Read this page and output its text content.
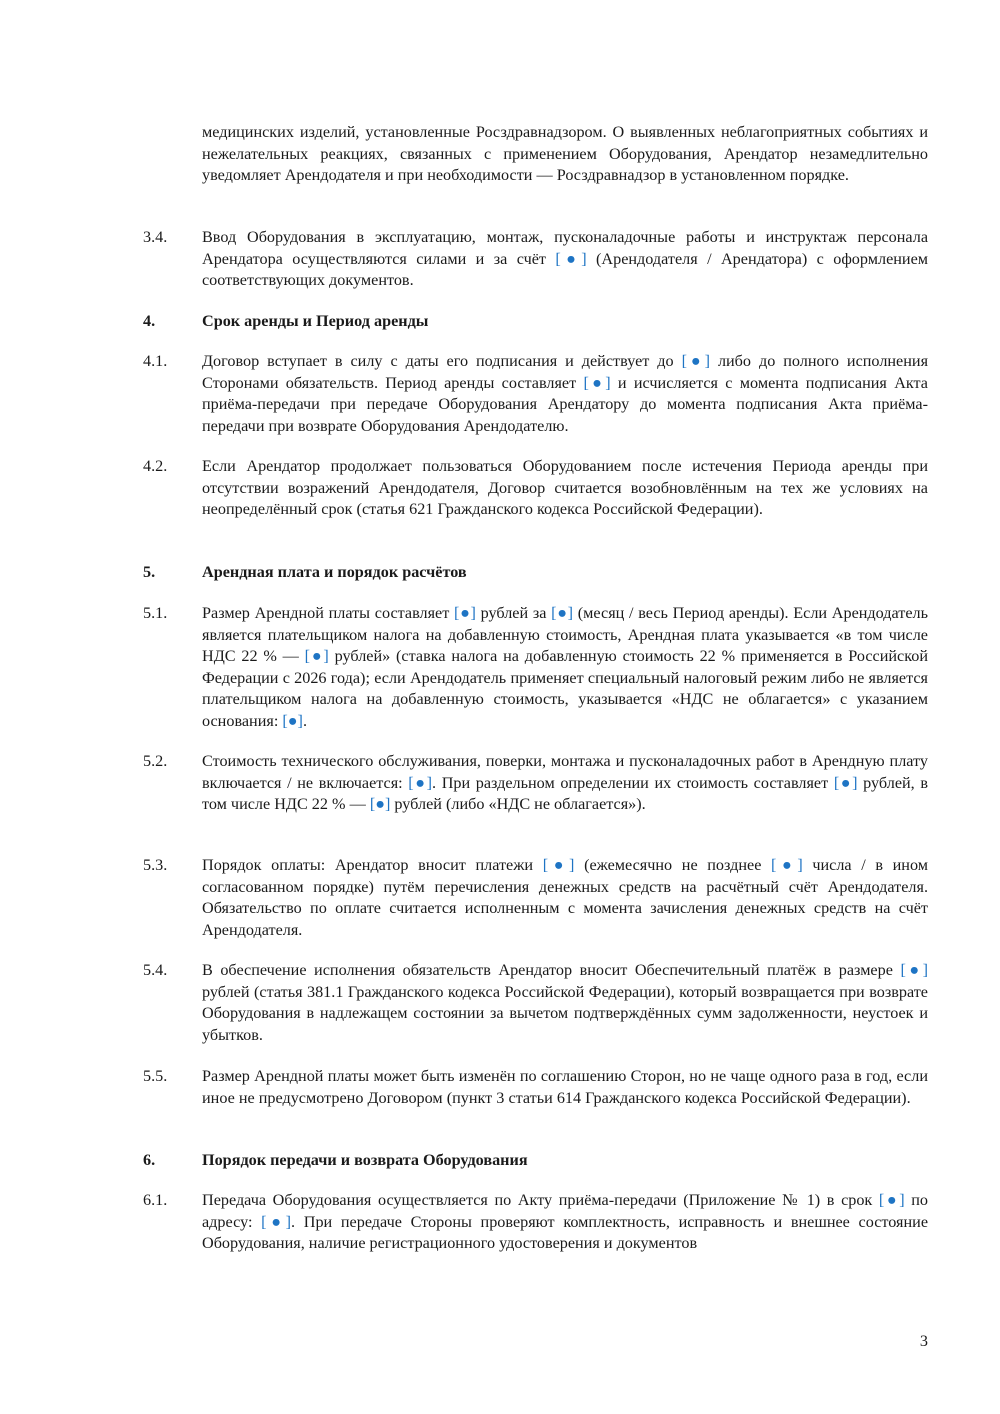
медицинских изделий, установленные Росздравнадзором. О выявленных неблагоприятных событиях и нежелательных реакциях, связанных с применением Оборудования, Арендатор незамедлительно уведомляет Арендодателя и при необходимости — Росздравнадзор в установленном порядке.
3.4.	Ввод Оборудования в эксплуатацию, монтаж, пусконаладочные работы и инструктаж персонала Арендатора осуществляются силами и за счёт [●] (Арендодателя / Арендатора) с оформлением соответствующих документов.
4.	Срок аренды и Период аренды
4.1.	Договор вступает в силу с даты его подписания и действует до [●] либо до полного исполнения Сторонами обязательств. Период аренды составляет [●] и исчисляется с момента подписания Акта приёма-передачи при передаче Оборудования Арендатору до момента подписания Акта приёма-передачи при возврате Оборудования Арендодателю.
4.2.	Если Арендатор продолжает пользоваться Оборудованием после истечения Периода аренды при отсутствии возражений Арендодателя, Договор считается возобновлённым на тех же условиях на неопределённый срок (статья 621 Гражданского кодекса Российской Федерации).
5.	Арендная плата и порядок расчётов
5.1.	Размер Арендной платы составляет [●] рублей за [●] (месяц / весь Период аренды). Если Арендодатель является плательщиком налога на добавленную стоимость, Арендная плата указывается «в том числе НДС 22 % — [●] рублей» (ставка налога на добавленную стоимость 22 % применяется в Российской Федерации с 2026 года); если Арендодатель применяет специальный налоговый режим либо не является плательщиком налога на добавленную стоимость, указывается «НДС не облагается» с указанием основания: [●].
5.2.	Стоимость технического обслуживания, поверки, монтажа и пусконаладочных работ в Арендную плату включается / не включается: [●]. При раздельном определении их стоимость составляет [●] рублей, в том числе НДС 22 % — [●] рублей (либо «НДС не облагается»).
5.3.	Порядок оплаты: Арендатор вносит платежи [●] (ежемесячно не позднее [●] числа / в ином согласованном порядке) путём перечисления денежных средств на расчётный счёт Арендодателя. Обязательство по оплате считается исполненным с момента зачисления денежных средств на счёт Арендодателя.
5.4.	В обеспечение исполнения обязательств Арендатор вносит Обеспечительный платёж в размере [●] рублей (статья 381.1 Гражданского кодекса Российской Федерации), который возвращается при возврате Оборудования в надлежащем состоянии за вычетом подтверждённых сумм задолженности, неустоек и убытков.
5.5.	Размер Арендной платы может быть изменён по соглашению Сторон, но не чаще одного раза в год, если иное не предусмотрено Договором (пункт 3 статьи 614 Гражданского кодекса Российской Федерации).
6.	Порядок передачи и возврата Оборудования
6.1.	Передача Оборудования осуществляется по Акту приёма-передачи (Приложение № 1) в срок [●] по адресу: [●]. При передаче Стороны проверяют комплектность, исправность и внешнее состояние Оборудования, наличие регистрационного удостоверения и документов
3
